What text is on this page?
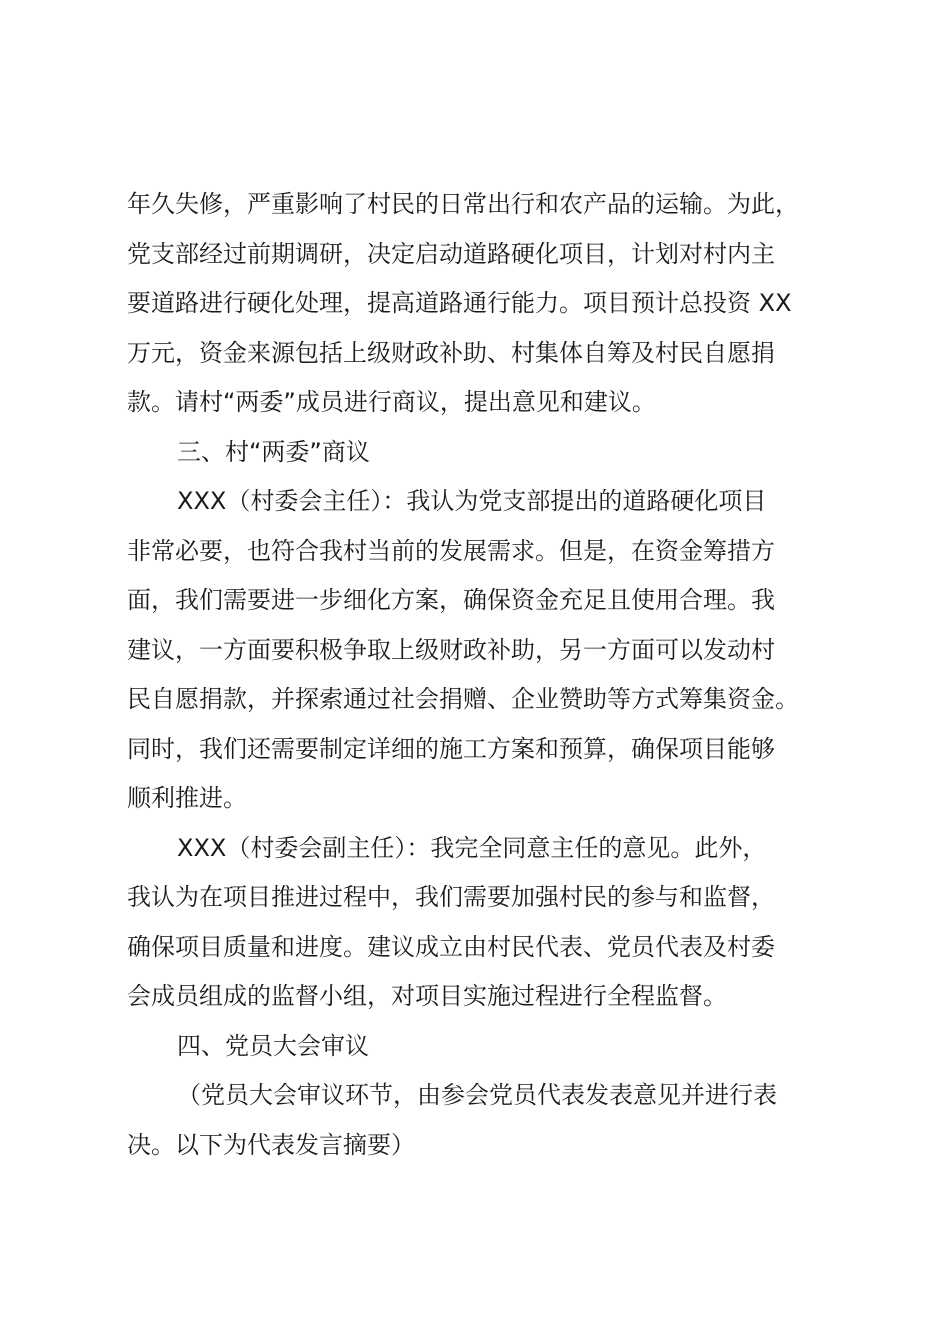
年久失修，严重影响了村民的日常出行和农产品的运输。为此，
党支部经过前期调研，决定启动道路硬化项目，计划对村内主
要道路进行硬化处理，提高道路通行能力。项目预计总投资 XX
万元，资金来源包括上级财政补助、村集体自筹及村民自愿捐
款。请村“两委”成员进行商议，提出意见和建议。

三、村“两委”商议

XXX（村委会主任）：我认为党支部提出的道路硬化项目
非常必要，也符合我村当前的发展需求。但是，在资金筹措方
面，我们需要进一步细化方案，确保资金充足且使用合理。我
建议，一方面要积极争取上级财政补助，另一方面可以发动村
民自愿捐款，并探索通过社会捐赠、企业赞助等方式筹集资金。
同时，我们还需要制定详细的施工方案和预算，确保项目能够
顺利推进。

XXX（村委会副主任）：我完全同意主任的意见。此外，
我认为在项目推进过程中，我们需要加强村民的参与和监督，
确保项目质量和进度。建议成立由村民代表、党员代表及村委
会成员组成的监督小组，对项目实施过程进行全程监督。

四、党员大会审议

（党员大会审议环节，由参会党员代表发表意见并进行表
决。以下为代表发言摘要）
